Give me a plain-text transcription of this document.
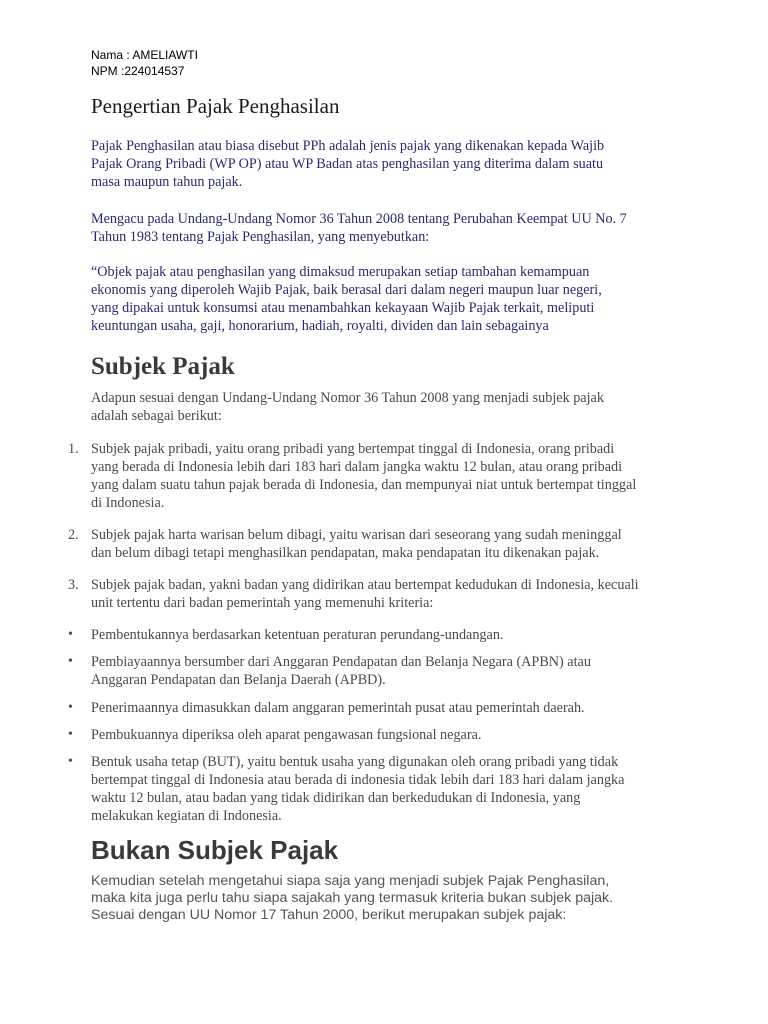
Nama : AMELIAWTI
NPM :224014537
Pengertian Pajak Penghasilan
Pajak Penghasilan atau biasa disebut PPh adalah jenis pajak yang dikenakan kepada Wajib
Pajak Orang Pribadi (WP OP) atau WP Badan atas penghasilan yang diterima dalam suatu
masa maupun tahun pajak.
Mengacu pada Undang-Undang Nomor 36 Tahun 2008 tentang Perubahan Keempat UU No. 7
Tahun 1983 tentang Pajak Penghasilan, yang menyebutkan:
“Objek pajak atau penghasilan yang dimaksud merupakan setiap tambahan kemampuan
ekonomis yang diperoleh Wajib Pajak, baik berasal dari dalam negeri maupun luar negeri,
yang dipakai untuk konsumsi atau menambahkan kekayaan Wajib Pajak terkait, meliputi
keuntungan usaha, gaji, honorarium, hadiah, royalti, dividen dan lain sebagainya
Subjek Pajak
Adapun sesuai dengan Undang-Undang Nomor 36 Tahun 2008 yang menjadi subjek pajak
adalah sebagai berikut:
1. Subjek pajak pribadi, yaitu orang pribadi yang bertempat tinggal di Indonesia, orang pribadi
yang berada di Indonesia lebih dari 183 hari dalam jangka waktu 12 bulan, atau orang pribadi
yang dalam suatu tahun pajak berada di Indonesia, dan mempunyai niat untuk bertempat tinggal
di Indonesia.
2. Subjek pajak harta warisan belum dibagi, yaitu warisan dari seseorang yang sudah meninggal
dan belum dibagi tetapi menghasilkan pendapatan, maka pendapatan itu dikenakan pajak.
3. Subjek pajak badan, yakni badan yang didirikan atau bertempat kedudukan di Indonesia, kecuali
unit tertentu dari badan pemerintah yang memenuhi kriteria:
• Pembentukannya berdasarkan ketentuan peraturan perundang-undangan.
• Pembiayaannya bersumber dari Anggaran Pendapatan dan Belanja Negara (APBN) atau
Anggaran Pendapatan dan Belanja Daerah (APBD).
• Penerimaannya dimasukkan dalam anggaran pemerintah pusat atau pemerintah daerah.
• Pembukuannya diperiksa oleh aparat pengawasan fungsional negara.
• Bentuk usaha tetap (BUT), yaitu bentuk usaha yang digunakan oleh orang pribadi yang tidak
bertempat tinggal di Indonesia atau berada di indonesia tidak lebih dari 183 hari dalam jangka
waktu 12 bulan, atau badan yang tidak didirikan dan berkedudukan di Indonesia, yang
melakukan kegiatan di Indonesia.
Bukan Subjek Pajak
Kemudian setelah mengetahui siapa saja yang menjadi subjek Pajak Penghasilan,
maka kita juga perlu tahu siapa sajakah yang termasuk kriteria bukan subjek pajak.
Sesuai dengan UU Nomor 17 Tahun 2000, berikut merupakan subjek pajak:
